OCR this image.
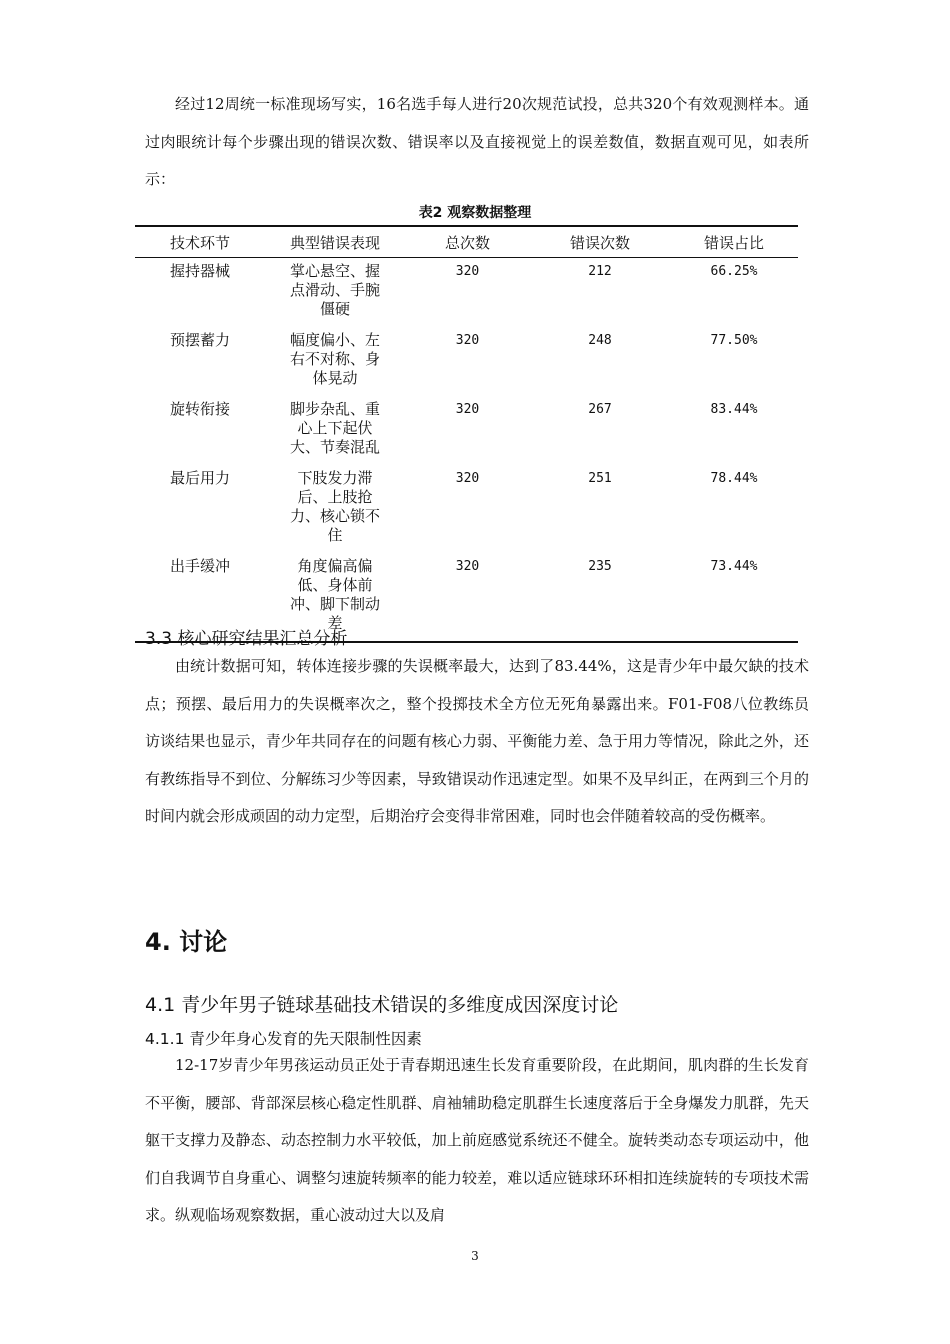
经过12周统一标准现场写实，16名选手每人进行20次规范试投，总共320个有效观测样本。通过肉眼统计每个步骤出现的错误次数、错误率以及直接视觉上的误差数值，数据直观可见，如表所示：

表2 观察数据整理
技术环节	典型错误表现	总次数	错误次数	错误占比
握持器械	掌心悬空、握点滑动、手腕僵硬	320	212	66.25%
预摆蓄力	幅度偏小、左右不对称、身体晃动	320	248	77.50%
旋转衔接	脚步杂乱、重心上下起伏大、节奏混乱	320	267	83.44%
最后用力	下肢发力滞后、上肢抢力、核心锁不住	320	251	78.44%
出手缓冲	角度偏高偏低、身体前冲、脚下制动差	320	235	73.44%
3.3 核心研究结果汇总分析

由统计数据可知，转体连接步骤的失误概率最大，达到了83.44%，这是青少年中最欠缺的技术点；预摆、最后用力的失误概率次之，整个投掷技术全方位无死角暴露出来。F01-F08八位教练员访谈结果也显示，青少年共同存在的问题有核心力弱、平衡能力差、急于用力等情况，除此之外，还有教练指导不到位、分解练习少等因素，导致错误动作迅速定型。如果不及早纠正，在两到三个月的时间内就会形成顽固的动力定型，后期治疗会变得非常困难，同时也会伴随着较高的受伤概率。

4. 讨论
4.1 青少年男子链球基础技术错误的多维度成因深度讨论
4.1.1 青少年身心发育的先天限制性因素

12-17岁青少年男孩运动员正处于青春期迅速生长发育重要阶段，在此期间，肌肉群的生长发育不平衡，腰部、背部深层核心稳定性肌群、肩袖辅助稳定肌群生长速度落后于全身爆发力肌群，先天躯干支撑力及静态、动态控制力水平较低，加上前庭感觉系统还不健全。旋转类动态专项运动中，他们自我调节自身重心、调整匀速旋转频率的能力较差，难以适应链球环环相扣连续旋转的专项技术需求。纵观临场观察数据，重心波动过大以及肩

3
